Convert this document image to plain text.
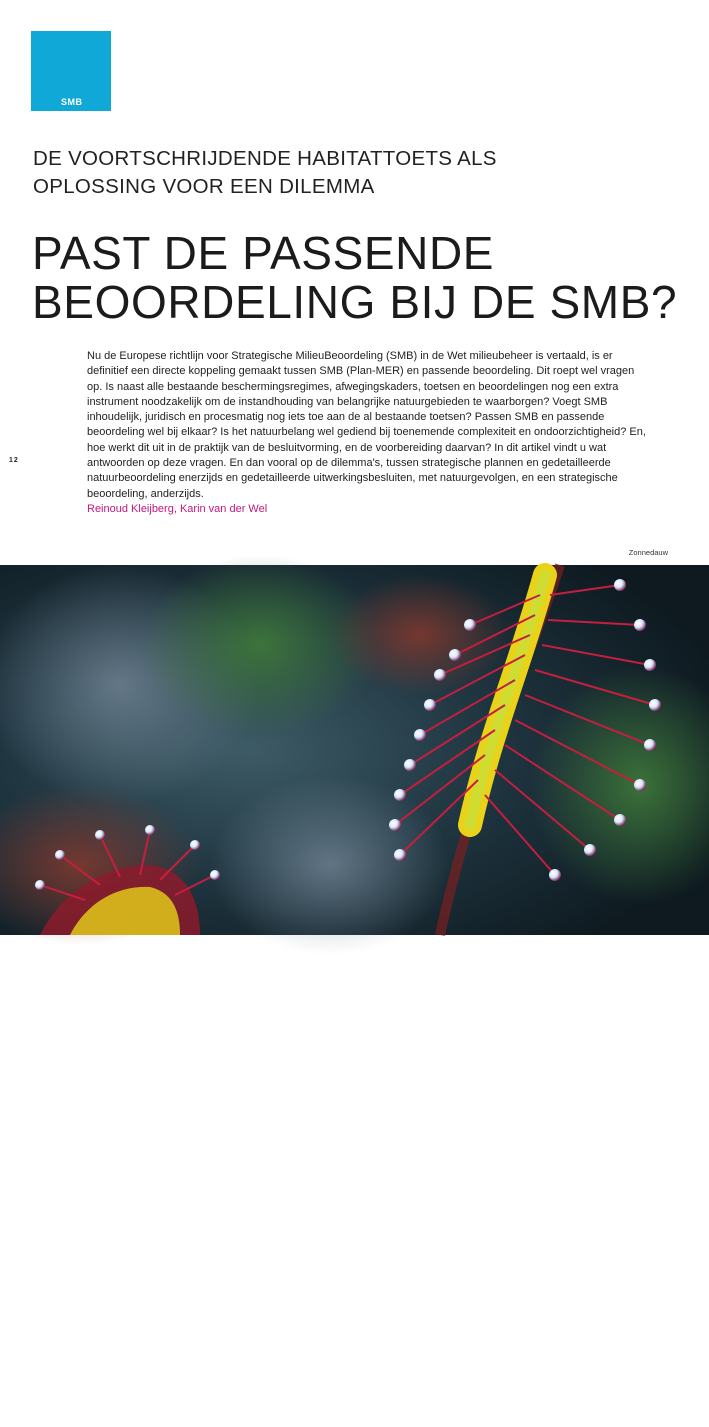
SMB
DE VOORTSCHRIJDENDE HABITATTOETS ALS OPLOSSING VOOR EEN DILEMMA
PAST DE PASSENDE BEOORDELING BIJ DE SMB?

Nu de Europese richtlijn voor Strategische MilieuBeoordeling (SMB) in de Wet milieubeheer is vertaald, is er definitief een directe koppeling gemaakt tussen SMB (Plan-MER) en passende beoordeling. Dit roept wel vragen op. Is naast alle bestaande beschermingsregimes, afwegingskaders, toetsen en beoordelingen nog een extra instrument noodzakelijk om de instandhouding van belangrijke natuurgebieden te waarborgen? Voegt SMB inhoudelijk, juridisch en procesmatig nog iets toe aan de al bestaande toetsen? Passen SMB en passende beoordeling wel bij elkaar? Is het natuurbelang wel gediend bij toenemende complexiteit en ondoorzichtigheid? En, hoe werkt dit uit in de praktijk van de besluitvorming, en de voorbereiding daarvan? In dit artikel vindt u wat antwoorden op deze vragen. En dan vooral op de dilemma's, tussen strategische plannen en gedetailleerde natuurbeoordeling enerzijds en gedetailleerde uitwerkingsbesluiten, met natuurgevolgen, en een strategische beoordeling, anderzijds.

Reinoud Kleijberg, Karin van der Wel

12
Zonnedauw
TOETS 04 06
FOTO ARCADIS
